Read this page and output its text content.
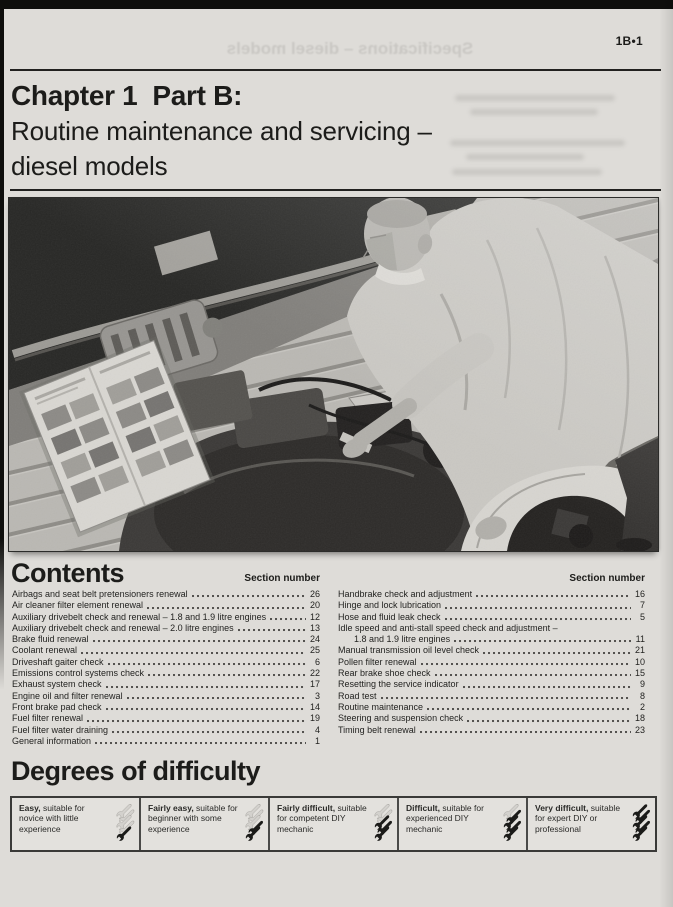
Specifications – diesel models	1B•1
Chapter 1  Part B:
Routine maintenance and servicing –
diesel models
Contents	Section number	Section number
Airbags and seat belt pretensioners renewal	26
Air cleaner filter element renewal	20
Auxiliary drivebelt check and renewal – 1.8 and 1.9 litre engines	12
Auxiliary drivebelt check and renewal – 2.0 litre engines	13
Brake fluid renewal	24
Coolant renewal	25
Driveshaft gaiter check	6
Emissions control systems check	22
Exhaust system check	17
Engine oil and filter renewal	3
Front brake pad check	14
Fuel filter renewal	19
Fuel filter water draining	4
General information	1
Handbrake check and adjustment	16
Hinge and lock lubrication	7
Hose and fluid leak check	5
Idle speed and anti-stall speed check and adjustment –
1.8 and 1.9 litre engines	11
Manual transmission oil level check	21
Pollen filter renewal	10
Rear brake shoe check	15
Resetting the service indicator	9
Road test	8
Routine maintenance	2
Steering and suspension check	18
Timing belt renewal	23
Degrees of difficulty
Easy, suitable for novice with little experience
Fairly easy, suitable for beginner with some experience
Fairly difficult, suitable for competent DIY mechanic
Difficult, suitable for experienced DIY mechanic
Very difficult, suitable for expert DIY or professional
